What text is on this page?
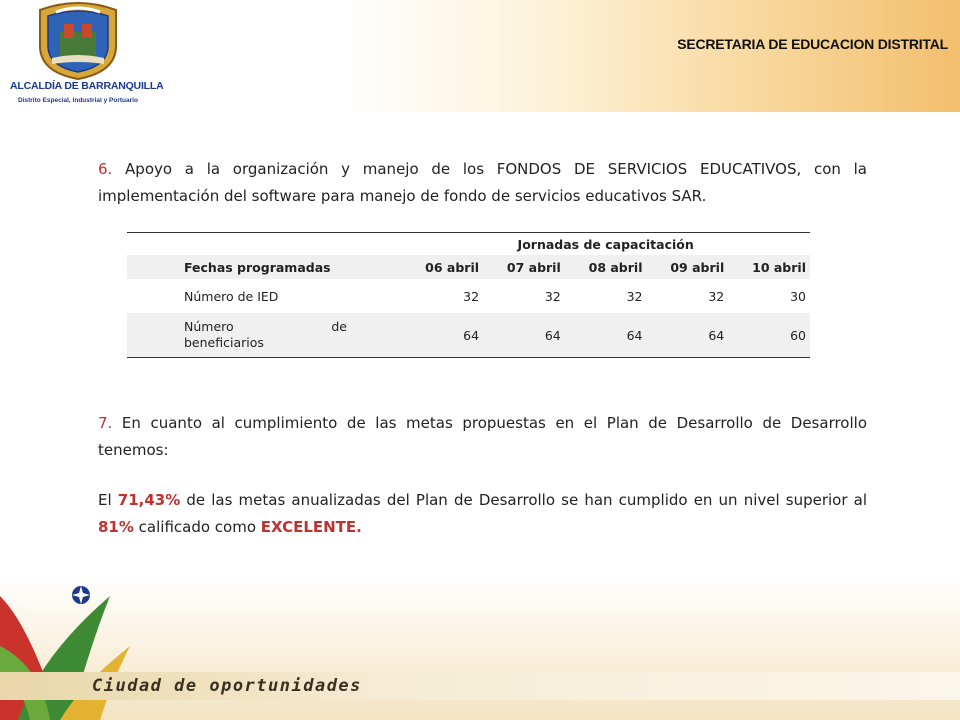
ALCALDÍA DE BARRANQUILLA
Distrito Especial, Industrial y Portuario
SECRETARIA DE EDUCACION DISTRITAL

6. Apoyo a la organización y manejo de los FONDOS DE SERVICIOS EDUCATIVOS, con la implementación del software para manejo de fondo de servicios educativos SAR.

	Jornadas de capacitación				
Fechas programadas	06 abril	07 abril	08 abril	09 abril	10 abril
Número de IED	32	32	32	32	30

Número de
beneficiarios	64	64	64	64	60

7. En cuanto al cumplimiento de las metas propuestas en el Plan de Desarrollo de Desarrollo tenemos:

El 71,43% de las metas anualizadas del Plan de Desarrollo se han cumplido en un nivel superior al 81% calificado como EXCELENTE.

Ciudad de oportunidades
